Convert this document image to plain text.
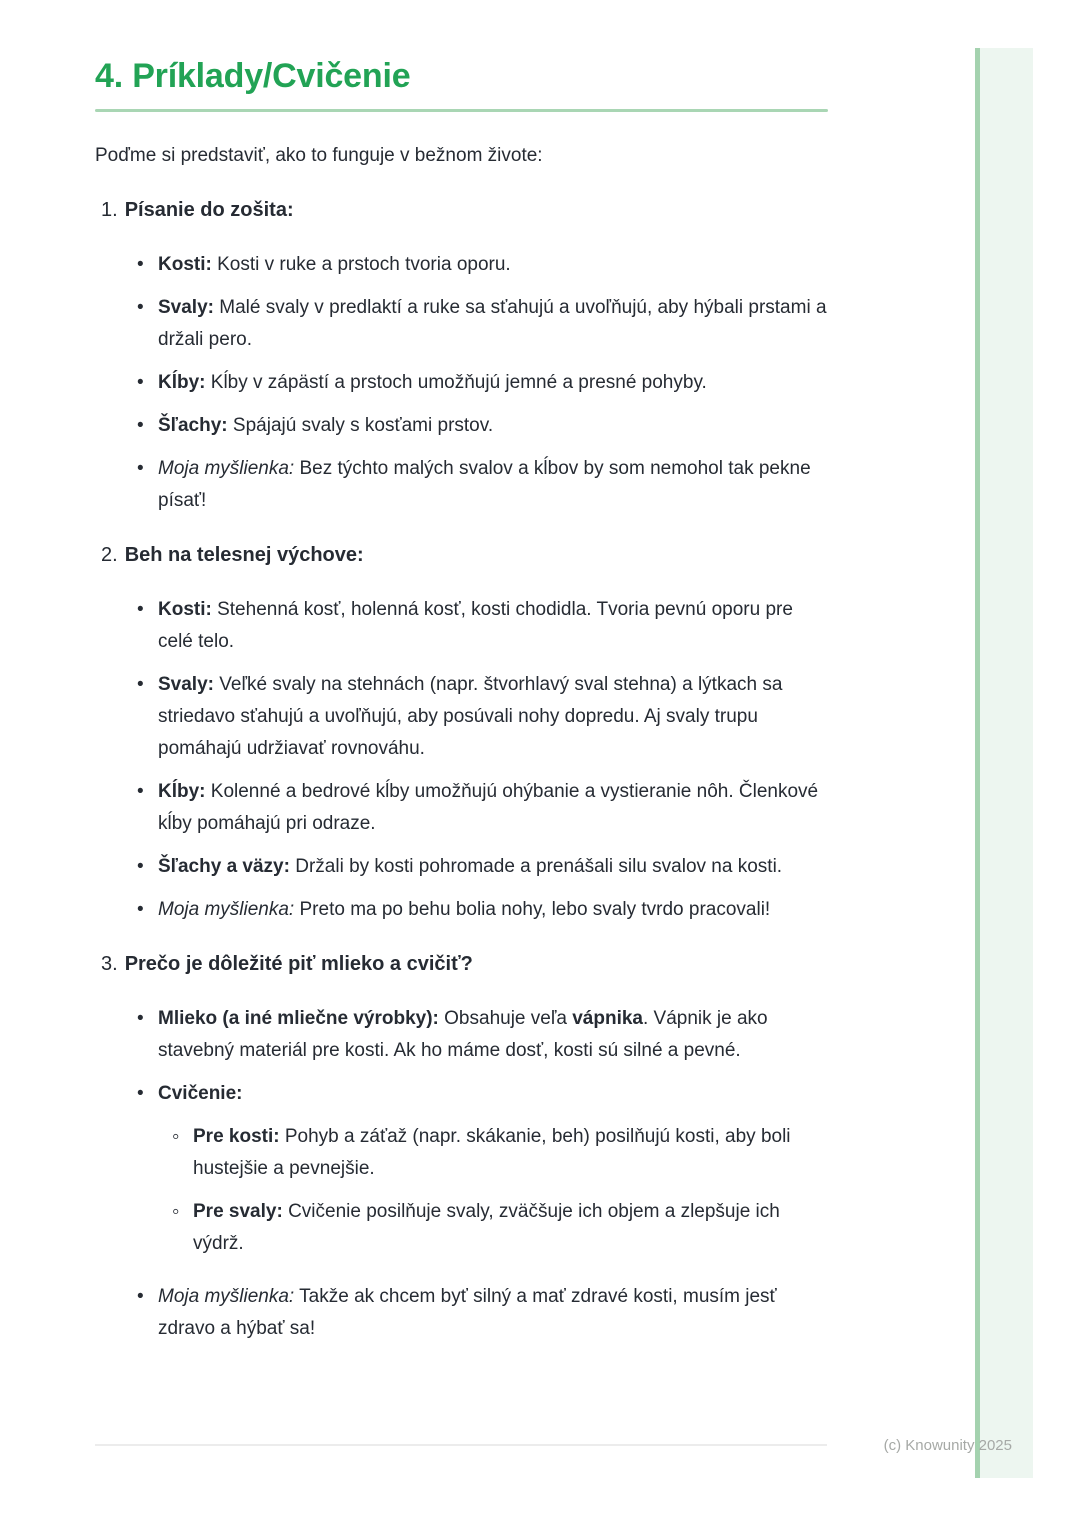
4. Príklady/Cvičenie

Poďme si predstaviť, ako to funguje v bežnom živote:

1. Písanie do zošita:
• Kosti: Kosti v ruke a prstoch tvoria oporu.

• Svaly: Malé svaly v predlaktí a ruke sa sťahujú a uvoľňujú, aby hýbali prstami a držali pero.

• Kĺby: Kĺby v zápästí a prstoch umožňujú jemné a presné pohyby.

• Šľachy: Spájajú svaly s kosťami prstov.

• Moja myšlienka: Bez týchto malých svalov a kĺbov by som nemohol tak pekne písať!

2. Beh na telesnej výchove:
• Kosti: Stehenná kosť, holenná kosť, kosti chodidla. Tvoria pevnú oporu pre celé telo.

• Svaly: Veľké svaly na stehnách (napr. štvorhlavý sval stehna) a lýtkach sa striedavo sťahujú a uvoľňujú, aby posúvali nohy dopredu. Aj svaly trupu pomáhajú udržiavať rovnováhu.

• Kĺby: Kolenné a bedrové kĺby umožňujú ohýbanie a vystieranie nôh. Členkové kĺby pomáhajú pri odraze.

• Šľachy a väzy: Držali by kosti pohromade a prenášali silu svalov na kosti.

• Moja myšlienka: Preto ma po behu bolia nohy, lebo svaly tvrdo pracovali!

3. Prečo je dôležité piť mlieko a cvičiť?
• Mlieko (a iné mliečne výrobky): Obsahuje veľa vápnika. Vápnik je ako stavebný materiál pre kosti. Ak ho máme dosť, kosti sú silné a pevné.

• Cvičenie:

◦ Pre kosti: Pohyb a záťaž (napr. skákanie, beh) posilňujú kosti, aby boli hustejšie a pevnejšie.

◦ Pre svaly: Cvičenie posilňuje svaly, zväčšuje ich objem a zlepšuje ich výdrž.

• Moja myšlienka: Takže ak chcem byť silný a mať zdravé kosti, musím jesť zdravo a hýbať sa!

(c) Knowunity 2025
